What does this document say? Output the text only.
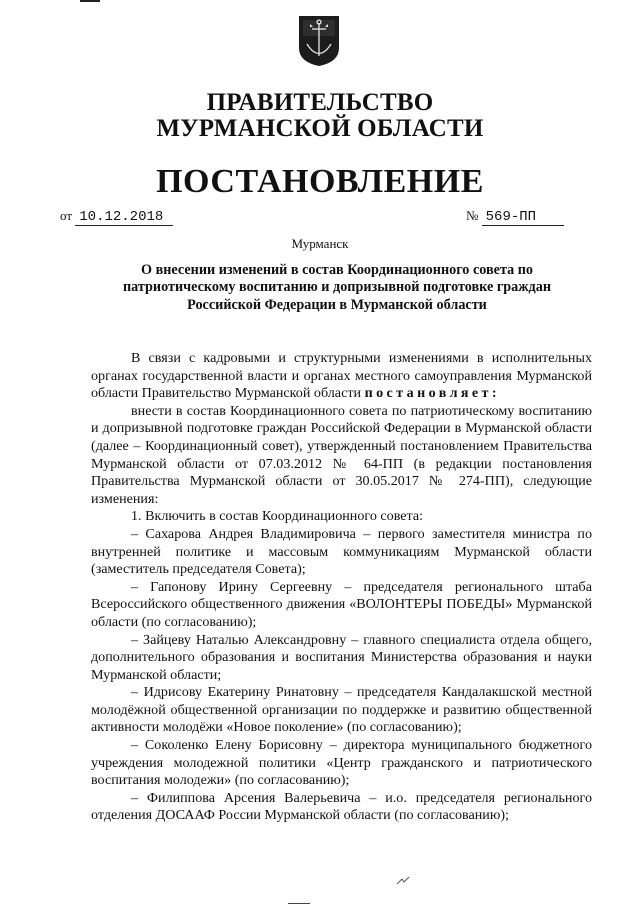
ПРАВИТЕЛЬСТВО
МУРМАНСКОЙ ОБЛАСТИ
ПОСТАНОВЛЕНИЕ
от 10.12.2018	№ 569-ПП
Мурманск
О внесении изменений в состав Координационного совета по патриотическому воспитанию и допризывной подготовке граждан Российской Федерации в Мурманской области

В связи с кадровыми и структурными изменениями в исполнительных органах государственной власти и органах местного самоуправления Мурманской области Правительство Мурманской области постановляет:

внести в состав Координационного совета по патриотическому воспитанию и допризывной подготовке граждан Российской Федерации в Мурманской области (далее – Координационный совет), утвержденный постановлением Правительства Мурманской области от 07.03.2012 № 64-ПП (в редакции постановления Правительства Мурманской области от 30.05.2017 № 274-ПП), следующие изменения:

1. Включить в состав Координационного совета:

– Сахарова Андрея Владимировича – первого заместителя министра по внутренней политике и массовым коммуникациям Мурманской области (заместитель председателя Совета);

– Гапонову Ирину Сергеевну – председателя регионального штаба Всероссийского общественного движения «ВОЛОНТЕРЫ ПОБЕДЫ» Мурманской области (по согласованию);

– Зайцеву Наталью Александровну – главного специалиста отдела общего, дополнительного образования и воспитания Министерства образования и науки Мурманской области;

– Идрисову Екатерину Ринатовну – председателя Кандалакшской местной молодёжной общественной организации по поддержке и развитию общественной активности молодёжи «Новое поколение» (по согласованию);

– Соколенко Елену Борисовну – директора муниципального бюджетного учреждения молодежной политики «Центр гражданского и патриотического воспитания молодежи» (по согласованию);

– Филиппова Арсения Валерьевича – и.о. председателя регионального отделения ДОСААФ России Мурманской области (по согласованию);
